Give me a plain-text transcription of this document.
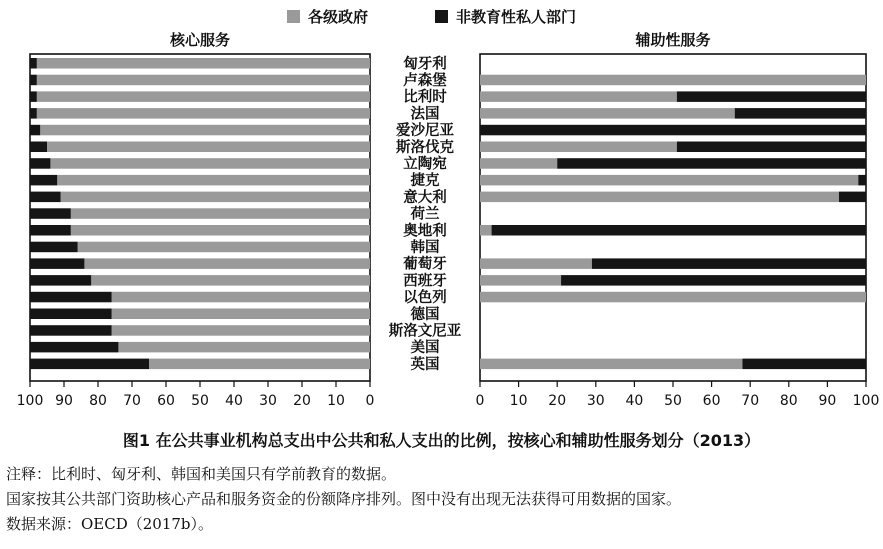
核心服务
100 90 80 70 60 50 40 30 20 10 0
辅助性服务
0 10 20 30 40 50 60 70 80 90 100
匈牙利
卢森堡
比利时
法国
爱沙尼亚
斯洛伐克
立陶宛
捷克
意大利
荷兰
奥地利
韩国
葡萄牙
西班牙
以色列
德国
斯洛文尼亚
美国
英国
各级政府	非教育性私人部门
图1 在公共事业机构总支出中公共和私人支出的比例，按核心和辅助性服务划分（2013）
注释：比利时、匈牙利、韩国和美国只有学前教育的数据。
国家按其公共部门资助核心产品和服务资金的份额降序排列。图中没有出现无法获得可用数据的国家。
数据来源：OECD（2017b）。
